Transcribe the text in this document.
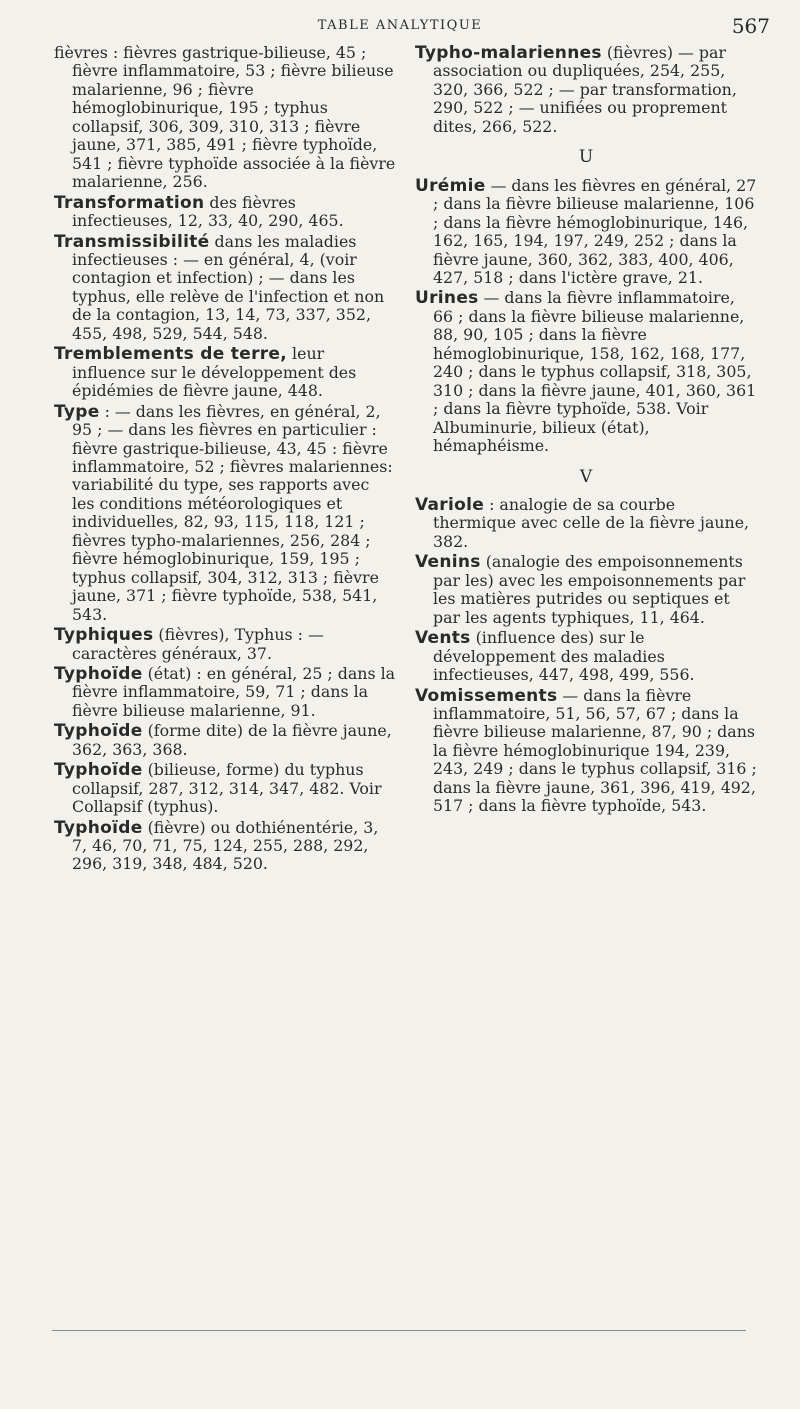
TABLE ANALYTIQUE	567

fièvres : fièvres gastrique-bilieuse, 45 ; fièvre inflammatoire, 53 ; fièvre bilieuse malarienne, 96 ; fièvre hémoglobinurique, 195 ; typhus collapsif, 306, 309, 310, 313 ; fièvre jaune, 371, 385, 491 ; fièvre typhoïde, 541 ; fièvre typhoïde associée à la fièvre malarienne, 256.

Transformation des fièvres infectieuses, 12, 33, 40, 290, 465.

Transmissibilité dans les maladies infectieuses : — en général, 4, (voir contagion et infection) ; — dans les typhus, elle relève de l'infection et non de la contagion, 13, 14, 73, 337, 352, 455, 498, 529, 544, 548.

Tremblements de terre, leur influence sur le développement des épidémies de fièvre jaune, 448.

Type : — dans les fièvres, en général, 2, 95 ; — dans les fièvres en particulier : fièvre gastrique-bilieuse, 43, 45 : fièvre inflammatoire, 52 ; fièvres malariennes: variabilité du type, ses rapports avec les conditions météorologiques et individuelles, 82, 93, 115, 118, 121 ; fièvres typho-malariennes, 256, 284 ; fièvre hémoglobinurique, 159, 195 ; typhus collapsif, 304, 312, 313 ; fièvre jaune, 371 ; fièvre typhoïde, 538, 541, 543.

Typhiques (fièvres), Typhus : — caractères généraux, 37.

Typhoïde (état) : en général, 25 ; dans la fièvre inflammatoire, 59, 71 ; dans la fièvre bilieuse malarienne, 91.

Typhoïde (forme dite) de la fièvre jaune, 362, 363, 368.

Typhoïde (bilieuse, forme) du typhus collapsif, 287, 312, 314, 347, 482. Voir Collapsif (typhus).

Typhoïde (fièvre) ou dothiénentérie, 3, 7, 46, 70, 71, 75, 124, 255, 288, 292, 296, 319, 348, 484, 520.

Typho-malariennes (fièvres) — par association ou dupliquées, 254, 255, 320, 366, 522 ; — par transformation, 290, 522 ; — unifiées ou proprement dites, 266, 522.

U

Urémie — dans les fièvres en général, 27 ; dans la fièvre bilieuse malarienne, 106 ; dans la fièvre hémoglobinurique, 146, 162, 165, 194, 197, 249, 252 ; dans la fièvre jaune, 360, 362, 383, 400, 406, 427, 518 ; dans l'ictère grave, 21.

Urines — dans la fièvre inflammatoire, 66 ; dans la fièvre bilieuse malarienne, 88, 90, 105 ; dans la fièvre hémoglobinurique, 158, 162, 168, 177, 240 ; dans le typhus collapsif, 318, 305, 310 ; dans la fièvre jaune, 401, 360, 361 ; dans la fièvre typhoïde, 538. Voir Albuminurie, bilieux (état), hémaphéisme.

V

Variole : analogie de sa courbe thermique avec celle de la fièvre jaune, 382.

Venins (analogie des empoisonnements par les) avec les empoisonnements par les matières putrides ou septiques et par les agents typhiques, 11, 464.

Vents (influence des) sur le développement des maladies infectieuses, 447, 498, 499, 556.

Vomissements — dans la fièvre inflammatoire, 51, 56, 57, 67 ; dans la fièvre bilieuse malarienne, 87, 90 ; dans la fièvre hémoglobinurique 194, 239, 243, 249 ; dans le typhus collapsif, 316 ; dans la fièvre jaune, 361, 396, 419, 492, 517 ; dans la fièvre typhoïde, 543.
